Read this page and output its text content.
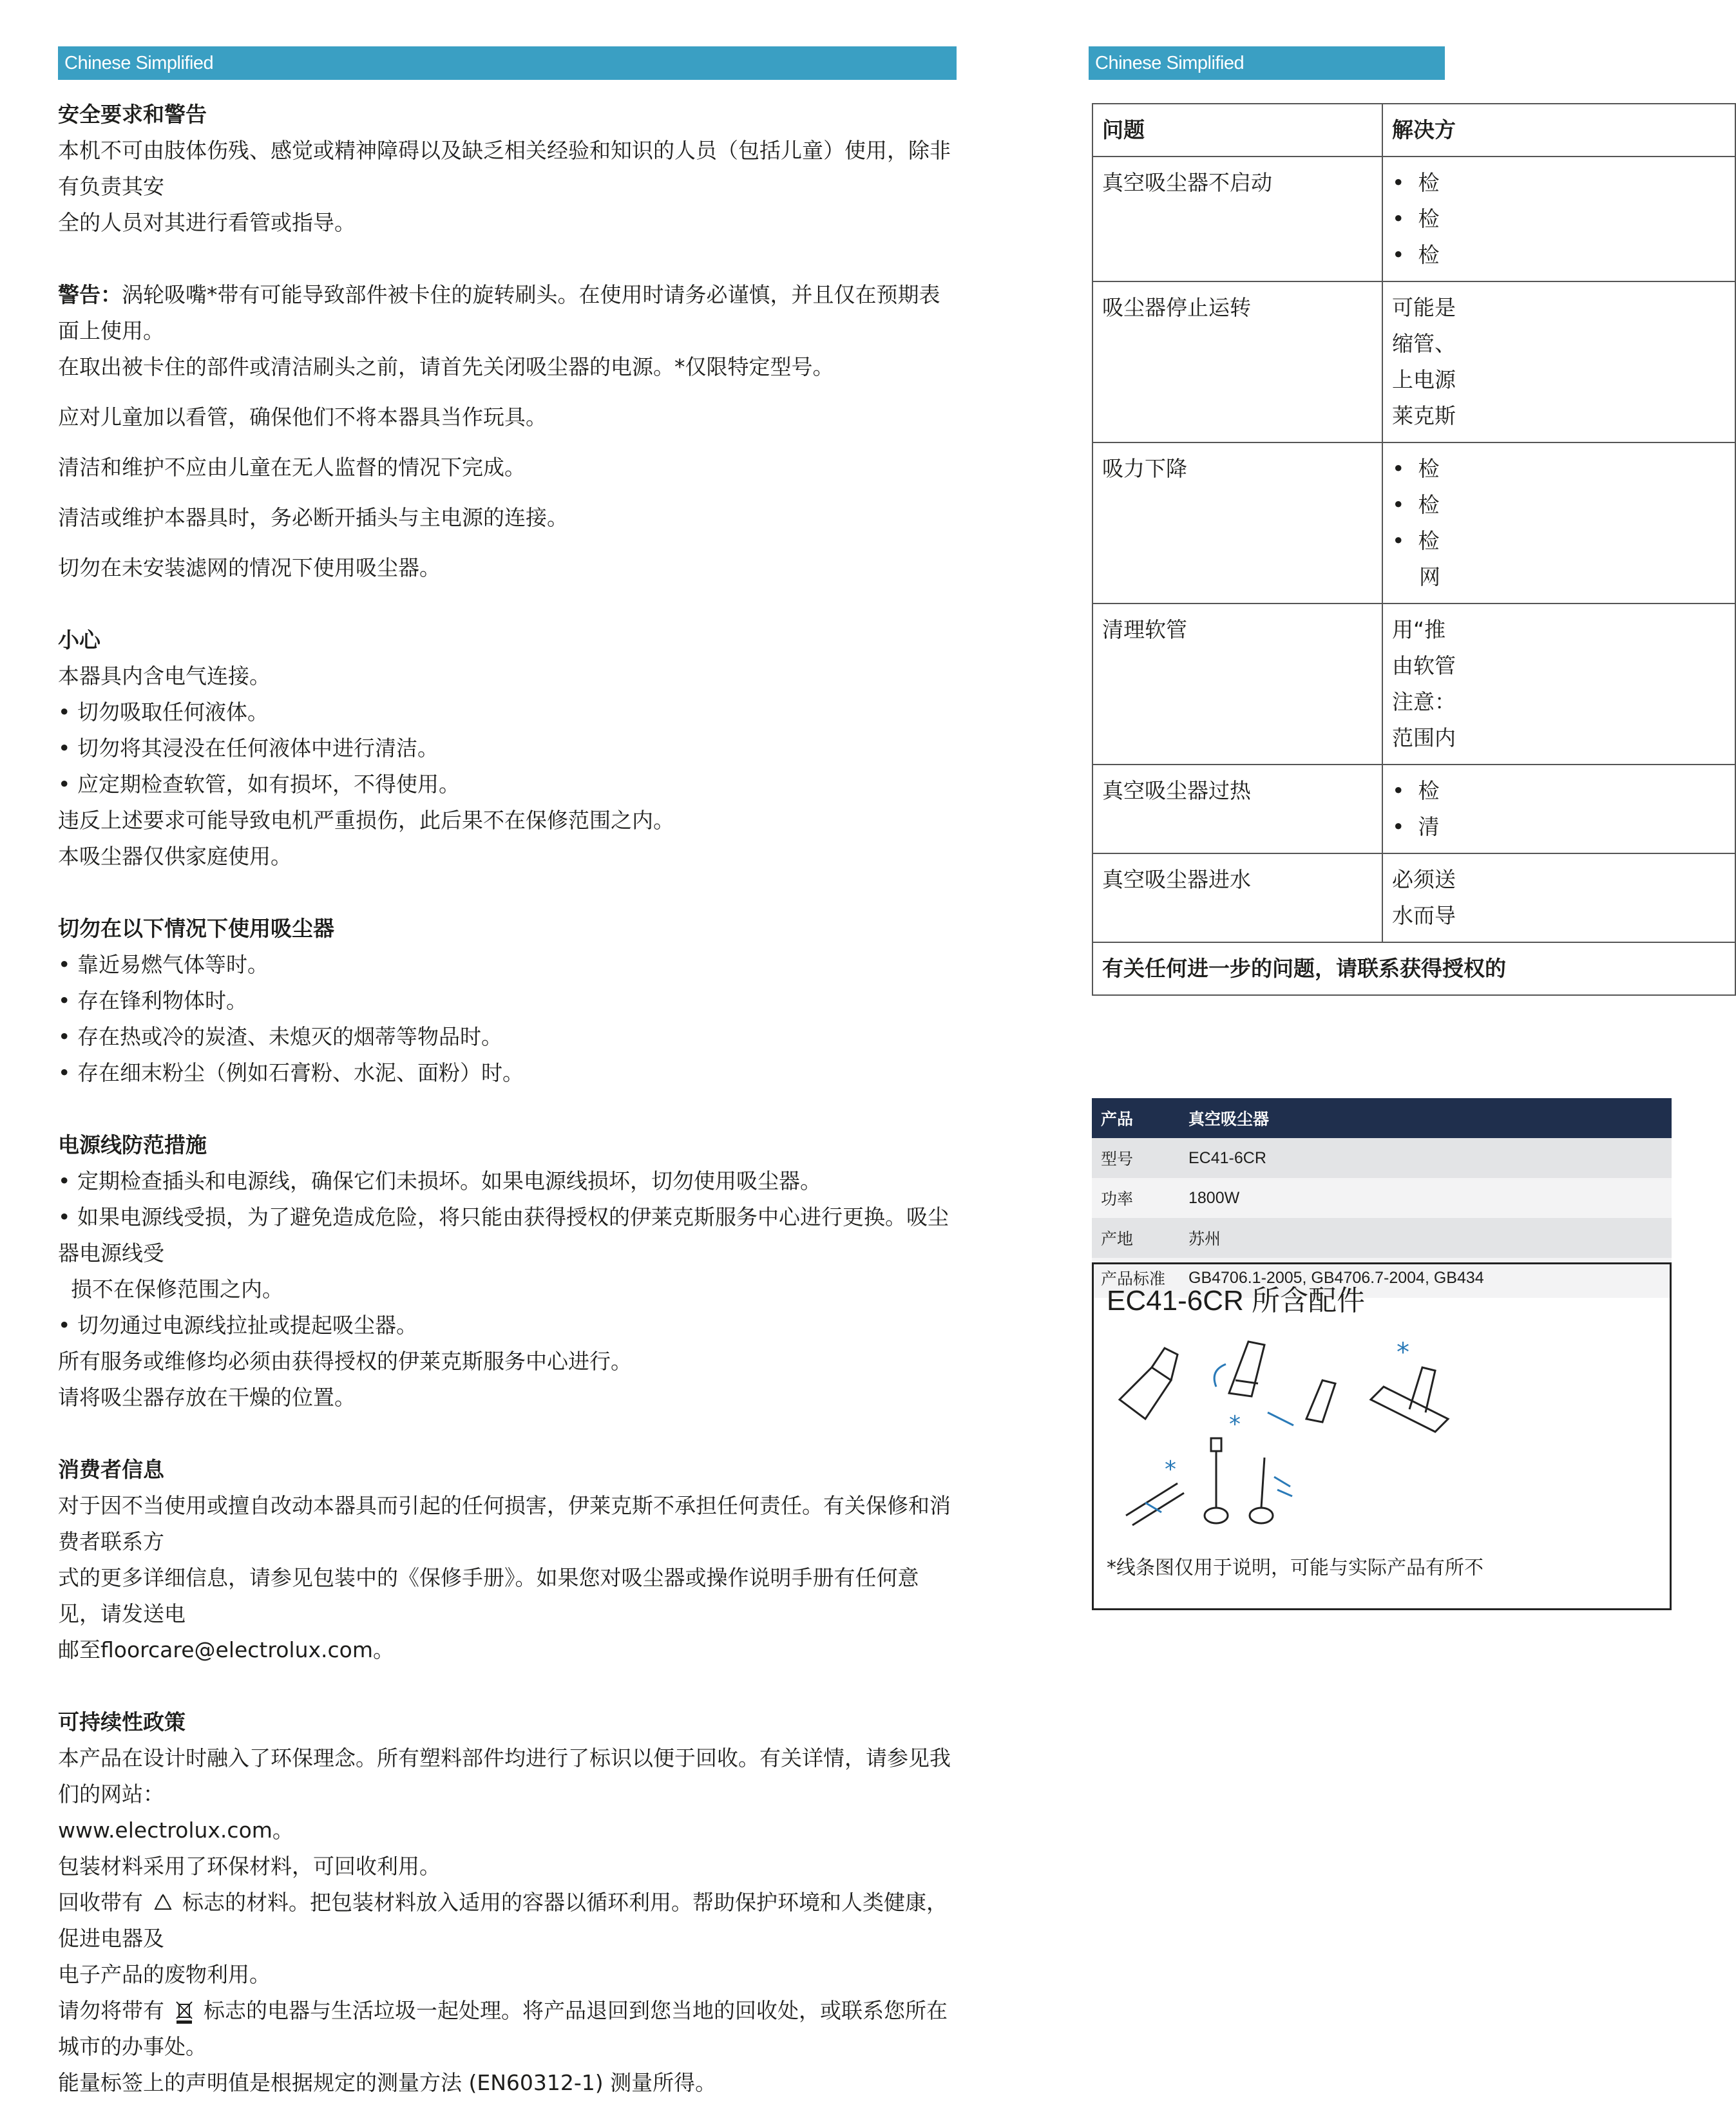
Chinese Simplified	Chinese Simplified
安全要求和警告

本机不可由肢体伤残、感觉或精神障碍以及缺乏相关经验和知识的人员（包括儿童）使用，除非有负责其安

全的人员对其进行看管或指导。

警告：涡轮吸嘴*带有可能导致部件被卡住的旋转刷头。在使用时请务必谨慎，并且仅在预期表面上使用。

在取出被卡住的部件或清洁刷头之前，请首先关闭吸尘器的电源。*仅限特定型号。

应对儿童加以看管，确保他们不将本器具当作玩具。

清洁和维护不应由儿童在无人监督的情况下完成。

清洁或维护本器具时，务必断开插头与主电源的连接。

切勿在未安装滤网的情况下使用吸尘器。

小心

本器具内含电气连接。

• 切勿吸取任何液体。

• 切勿将其浸没在任何液体中进行清洁。

• 应定期检查软管，如有损坏，不得使用。

违反上述要求可能导致电机严重损伤，此后果不在保修范围之内。

本吸尘器仅供家庭使用。

切勿在以下情况下使用吸尘器

• 靠近易燃气体等时。

• 存在锋利物体时。

• 存在热或冷的炭渣、未熄灭的烟蒂等物品时。

• 存在细末粉尘（例如石膏粉、水泥、面粉）时。

电源线防范措施

• 定期检查插头和电源线，确保它们未损坏。如果电源线损坏，切勿使用吸尘器。

• 如果电源线受损，为了避免造成危险，将只能由获得授权的伊莱克斯服务中心进行更换。吸尘器电源线受

损不在保修范围之内。

• 切勿通过电源线拉扯或提起吸尘器。

所有服务或维修均必须由获得授权的伊莱克斯服务中心进行。

请将吸尘器存放在干燥的位置。

消费者信息

对于因不当使用或擅自改动本器具而引起的任何损害，伊莱克斯不承担任何责任。有关保修和消费者联系方

式的更多详细信息，请参见包装中的《保修手册》。如果您对吸尘器或操作说明手册有任何意见，请发送电

邮至floorcare@electrolux.com。

可持续性政策

本产品在设计时融入了环保理念。所有塑料部件均进行了标识以便于回收。有关详情，请参见我们的网站：

www.electrolux.com。

包装材料采用了环保材料，可回收利用。

回收带有 标志的材料。把包装材料放入适用的容器以循环利用。帮助保护环境和人类健康，促进电器及

电子产品的废物利用。

请勿将带有 标志的电器与生活垃圾一起处理。将产品退回到您当地的回收处，或联系您所在城市的办事处。

能量标签上的声明值是根据规定的测量方法 (EN60312-1) 测量所得。

问题	解决方
真空吸尘器不启动	•  检
•  检
•  检

吸尘器停止运转	可能是
缩管、
上电源
莱克斯

吸力下降	•  检
•  检
•  检
网

清理软管	用“推
由软管
注意：
范围内

真空吸尘器过热	•  检
•  清

真空吸尘器进水	必须送
水而导

有关任何进一步的问题，请联系获得授权的	
产品	真空吸尘器
型号	EC41-6CR
功率	1800W
产地	苏州
产品标准	GB4706.1-2005, GB4706.7-2004, GB434
EC41-6CR 所含配件
*
*
*
*线条图仅用于说明，可能与实际产品有所不
